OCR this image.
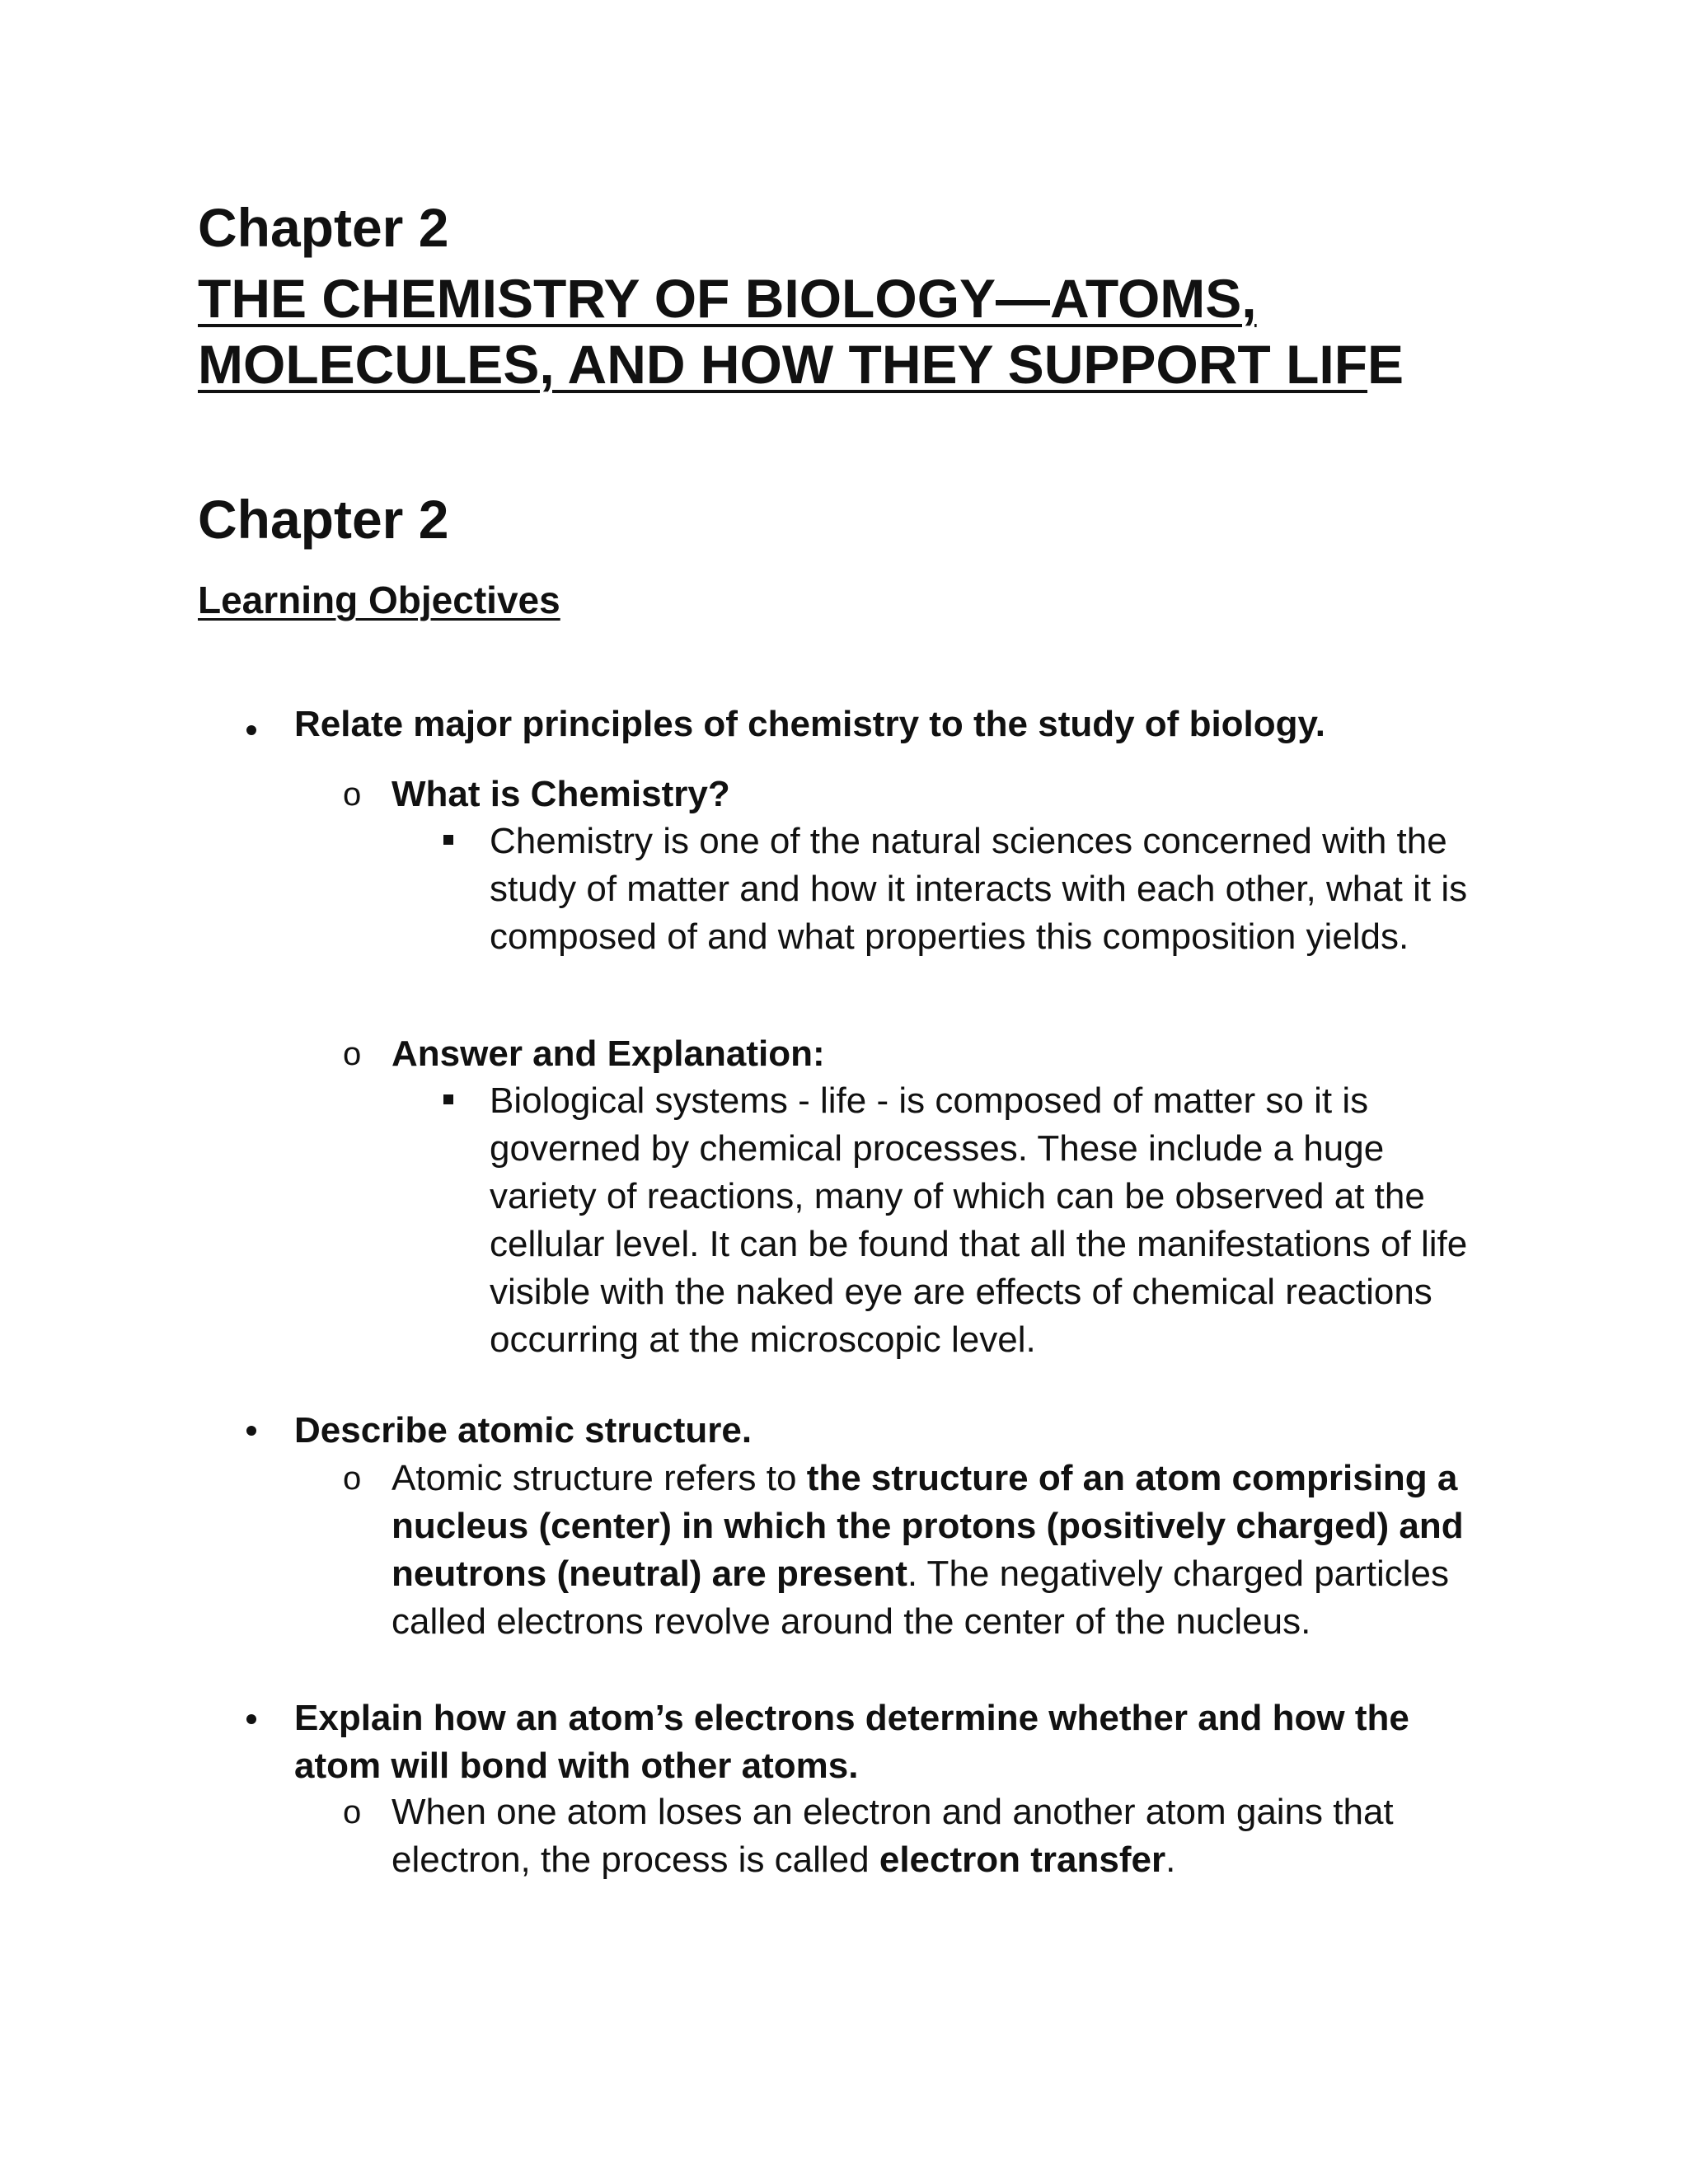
Chapter 2
THE CHEMISTRY OF BIOLOGY—ATOMS,
MOLECULES, AND HOW THEY SUPPORT LIFE
Chapter 2
Learning Objectives

Relate major principles of chemistry to the study of biology.

o What is Chemistry?

Chemistry is one of the natural sciences concerned with the study of matter and how it interacts with each other, what it is composed of and what properties this composition yields.

o Answer and Explanation:

Biological systems - life - is composed of matter so it is governed by chemical processes. These include a huge variety of reactions, many of which can be observed at the cellular level. It can be found that all the manifestations of life visible with the naked eye are effects of chemical reactions occurring at the microscopic level.

Describe atomic structure.

o Atomic structure refers to the structure of an atom comprising a nucleus (center) in which the protons (positively charged) and neutrons (neutral) are present. The negatively charged particles called electrons revolve around the center of the nucleus.

Explain how an atom’s electrons determine whether and how the atom will bond with other atoms.

o When one atom loses an electron and another atom gains that electron, the process is called electron transfer.
